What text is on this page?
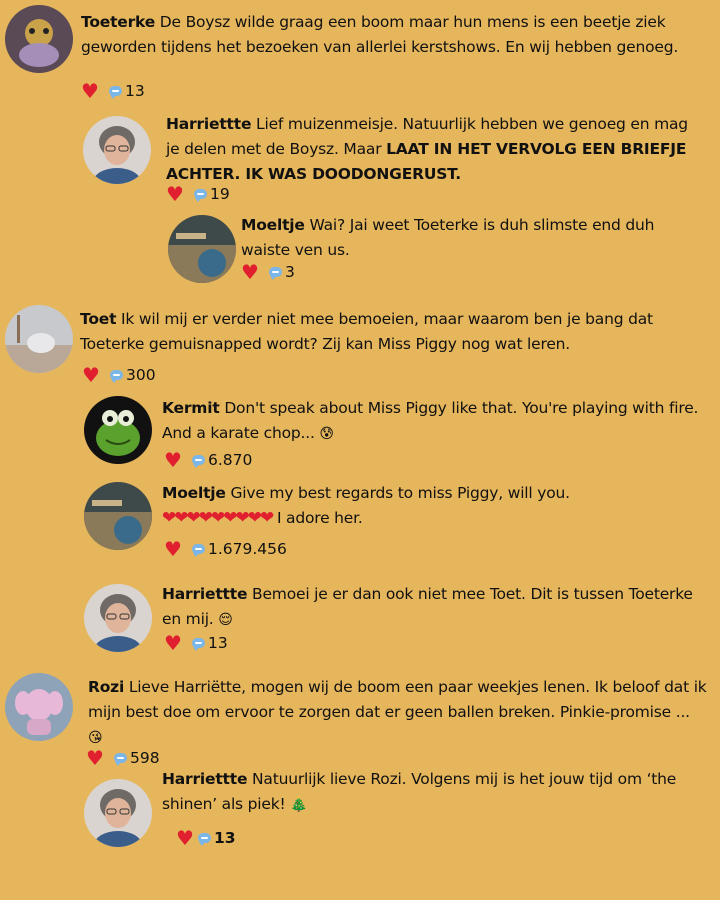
Toeterke De Boysz wilde graag een boom maar hun mens is een beetje ziek geworden tijdens het bezoeken van allerlei kerstshows. En wij hebben genoeg.
♥	13
Harriettte Lief muizenmeisje. Natuurlijk hebben we genoeg en mag je delen met de Boysz. Maar LAAT IN HET VERVOLG EEN BRIEFJE ACHTER. IK WAS DOODONGERUST.
♥	19
Moeltje Wai? Jai weet Toeterke is duh slimste end duh waiste ven us.
♥	3
Toet Ik wil mij er verder niet mee bemoeien, maar waarom ben je bang dat Toeterke gemuisnapped wordt? Zij kan Miss Piggy nog wat leren.
♥	300
Kermit Don't speak about Miss Piggy like that. You're playing with fire. And a karate chop... 😰
♥	6.870
Moeltje Give my best regards to miss Piggy, will you.
❤❤❤❤❤❤❤❤❤ I adore her.
♥	1.679.456
Harriettte Bemoei je er dan ook niet mee Toet. Dit is tussen Toeterke en mij. 😌
♥	13
Rozi Lieve Harriëtte, mogen wij de boom een paar weekjes lenen. Ik beloof dat ik mijn best doe om ervoor te zorgen dat er geen ballen breken. Pinkie-promise ... 😘
♥	598
Harriettte Natuurlijk lieve Rozi. Volgens mij is het jouw tijd om ‘the shinen’ als piek! 🎄
♥ 13
